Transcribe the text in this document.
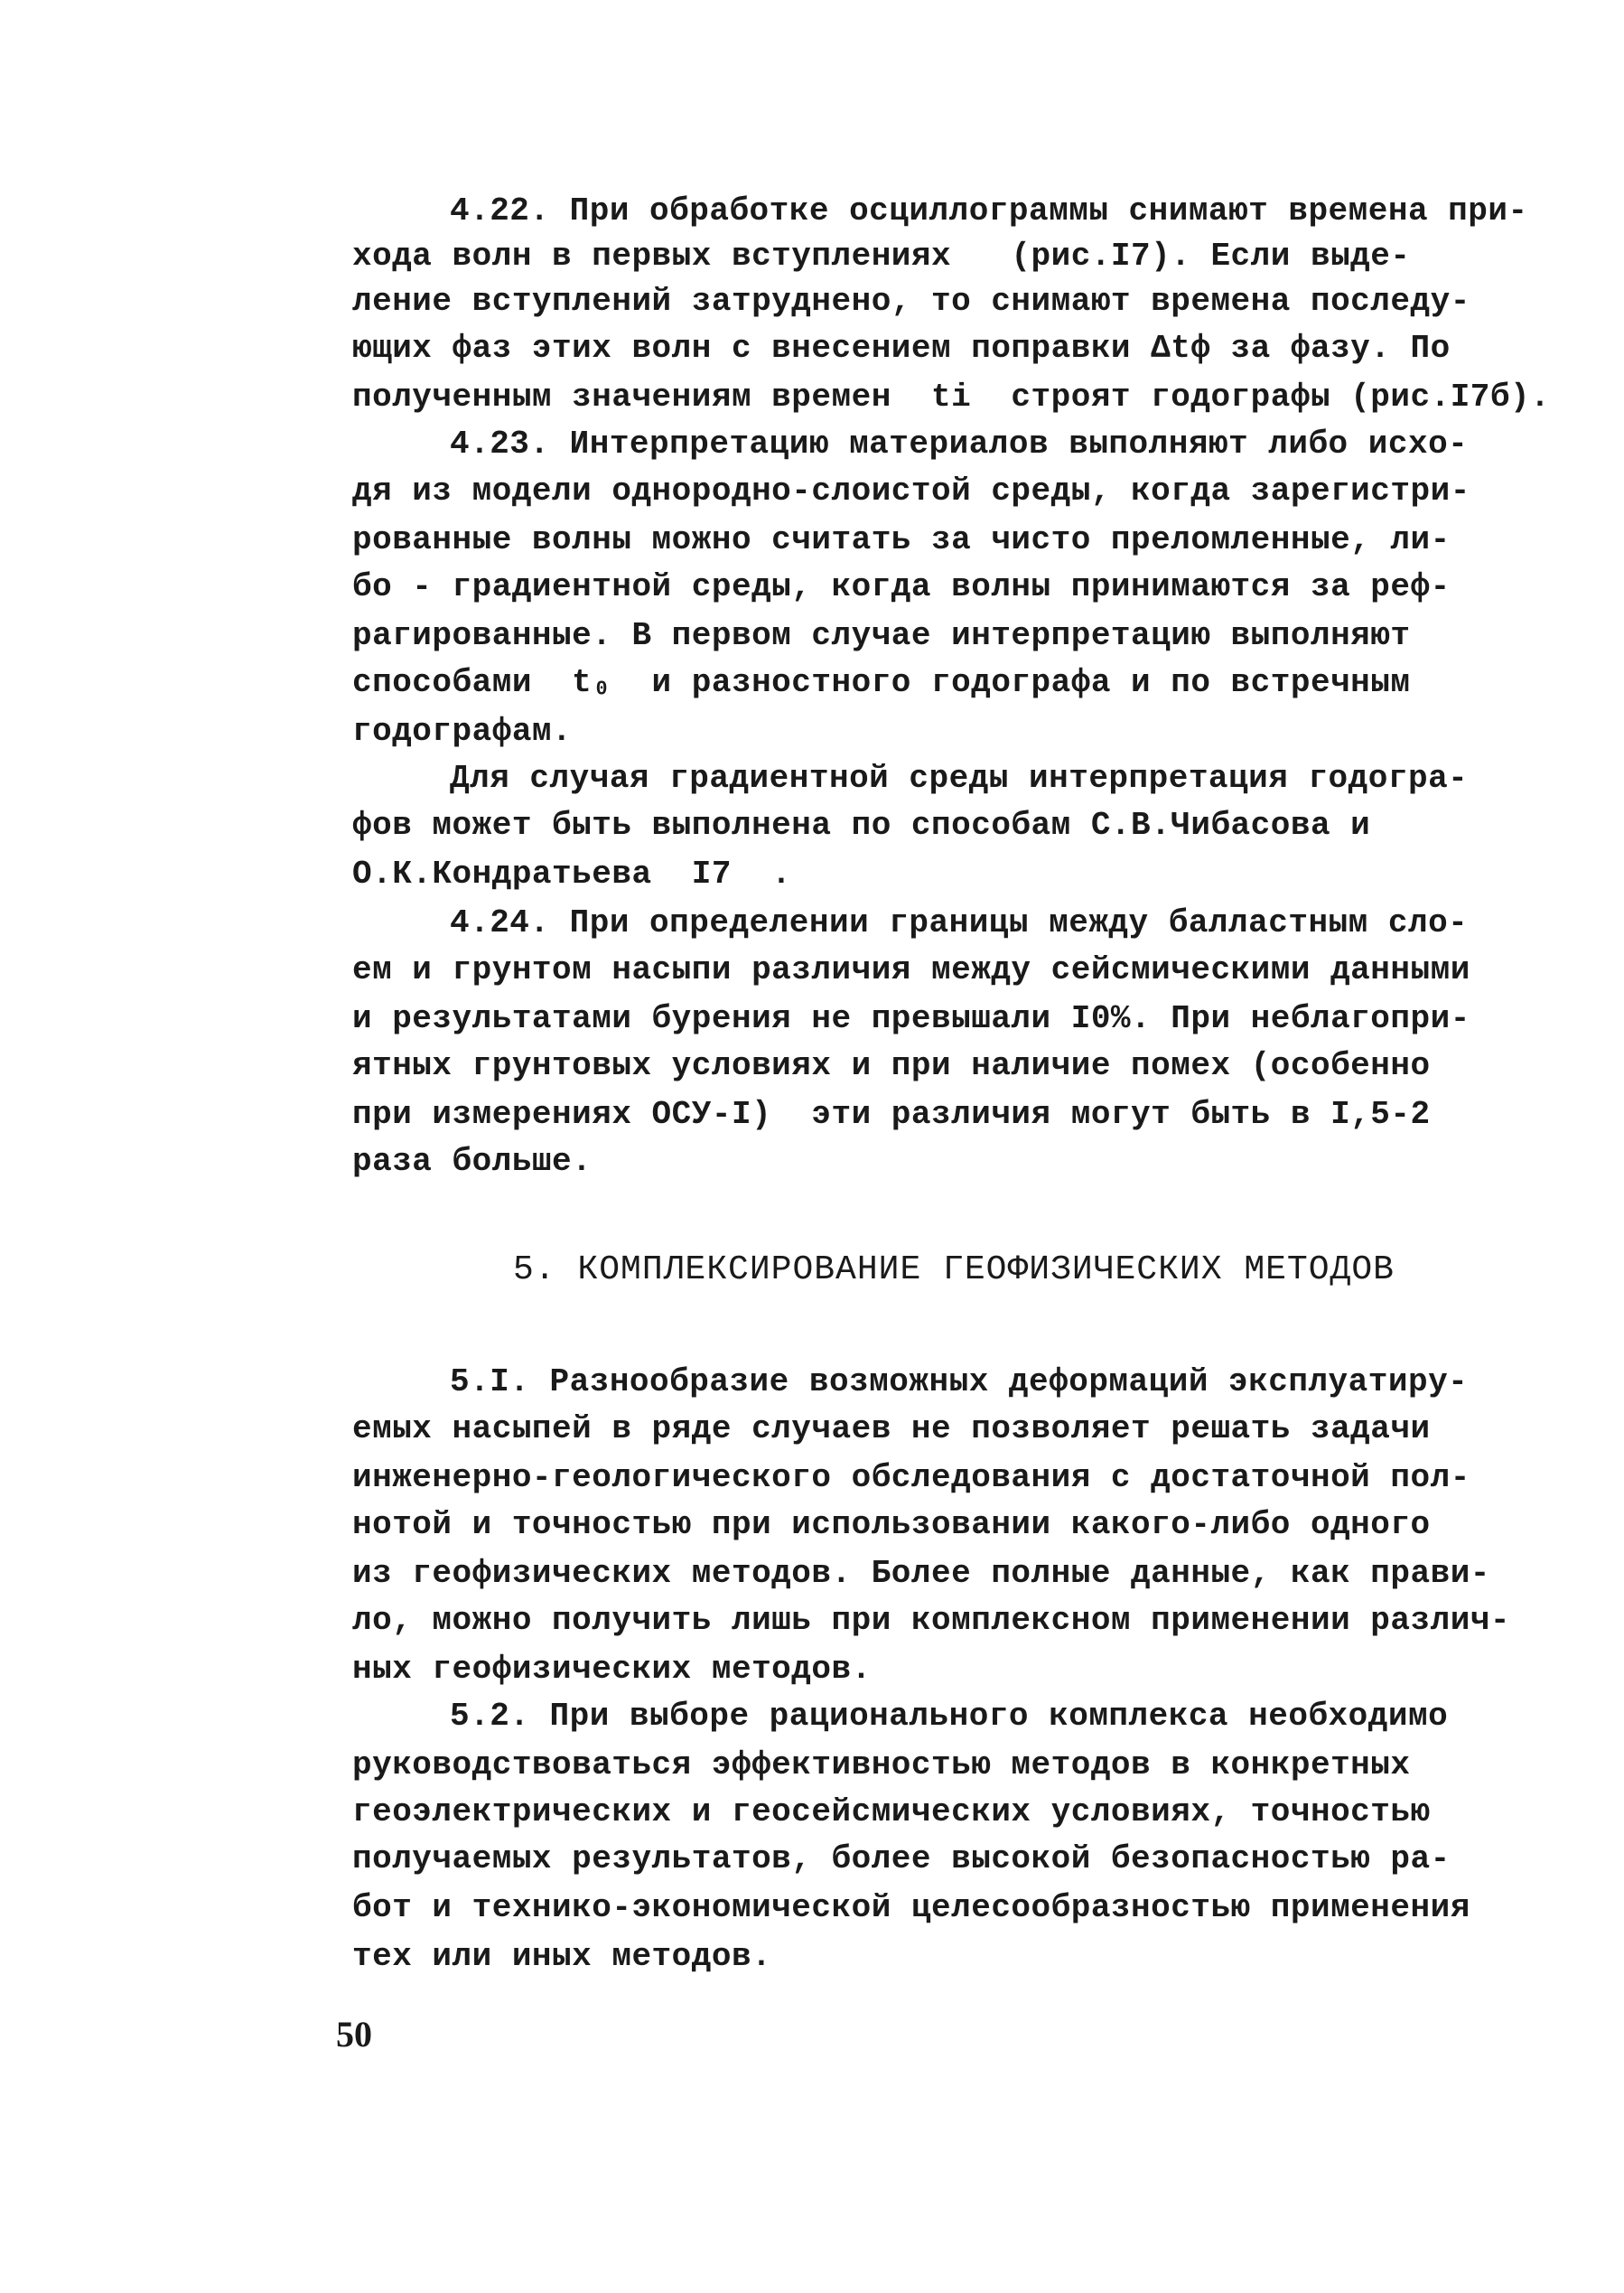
4.22. При обработке осциллограммы снимают времена при-
хода волн в первых вступлениях   (рис.I7). Если выде-
ление вступлений затруднено, то снимают времена последу-
ющих фаз этих волн с внесением поправки Δtф за фазу. По
полученным значениям времен  ti  строят годографы (рис.I7б).
4.23. Интерпретацию материалов выполняют либо исхо-
дя из модели однородно-слоистой среды, когда зарегистри-
рованные волны можно считать за чисто преломленные, ли-
бо - градиентной среды, когда волны принимаются за реф-
рагированные. В первом случае интерпретацию выполняют
способами  t₀  и разностного годографа и по встречным
годографам.
Для случая градиентной среды интерпретация годогра-
фов может быть выполнена по способам С.В.Чибасова и
О.К.Кондратьева  I7  .
4.24. При определении границы между балластным сло-
ем и грунтом насыпи различия между сейсмическими данными
и результатами бурения не превышали I0%. При неблагопри-
ятных грунтовых условиях и при наличие помех (особенно
при измерениях ОСУ-I)  эти различия могут быть в I,5-2
раза больше.
5. КОМПЛЕКСИРОВАНИЕ ГЕОФИЗИЧЕСКИХ МЕТОДОВ
5.I. Разнообразие возможных деформаций эксплуатиру-
емых насыпей в ряде случаев не позволяет решать задачи
инженерно-геологического обследования с достаточной пол-
нотой и точностью при использовании какого-либо одного
из геофизических методов. Более полные данные, как прави-
ло, можно получить лишь при комплексном применении различ-
ных геофизических методов.
5.2. При выборе рационального комплекса необходимо
руководствоваться эффективностью методов в конкретных
геоэлектрических и геосейсмических условиях, точностью
получаемых результатов, более высокой безопасностью ра-
бот и технико-экономической целесообразностью применения
тех или иных методов.
50
